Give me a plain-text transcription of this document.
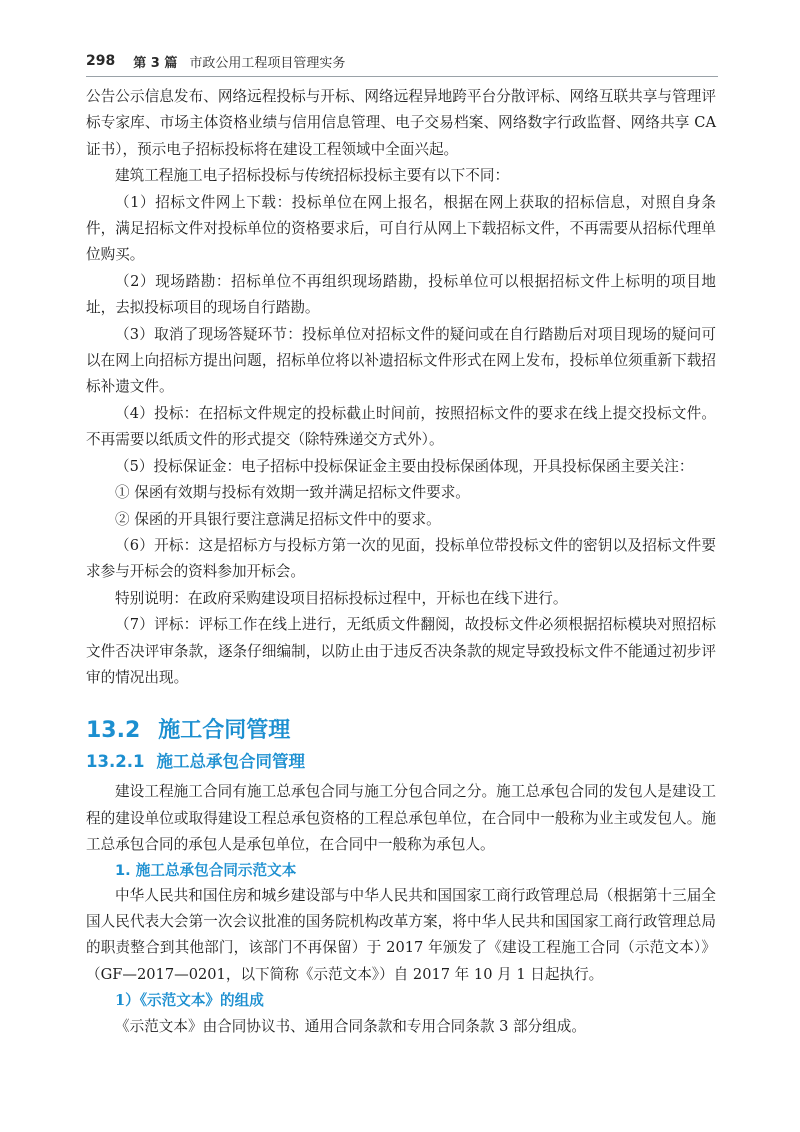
298 第 3 篇 市政公用工程项目管理实务

公告公示信息发布、网络远程投标与开标、网络远程异地跨平台分散评标、网络互联共享与管理评标专家库、市场主体资格业绩与信用信息管理、电子交易档案、网络数字行政监督、网络共享 CA 证书），预示电子招标投标将在建设工程领域中全面兴起。

建筑工程施工电子招标投标与传统招标投标主要有以下不同：

（1）招标文件网上下载：投标单位在网上报名，根据在网上获取的招标信息，对照自身条件，满足招标文件对投标单位的资格要求后，可自行从网上下载招标文件，不再需要从招标代理单位购买。

（2）现场踏勘：招标单位不再组织现场踏勘，投标单位可以根据招标文件上标明的项目地址，去拟投标项目的现场自行踏勘。

（3）取消了现场答疑环节：投标单位对招标文件的疑问或在自行踏勘后对项目现场的疑问可以在网上向招标方提出问题，招标单位将以补遗招标文件形式在网上发布，投标单位须重新下载招标补遗文件。

（4）投标：在招标文件规定的投标截止时间前，按照招标文件的要求在线上提交投标文件。不再需要以纸质文件的形式提交（除特殊递交方式外）。

（5）投标保证金：电子招标中投标保证金主要由投标保函体现，开具投标保函主要关注：

① 保函有效期与投标有效期一致并满足招标文件要求。

② 保函的开具银行要注意满足招标文件中的要求。

（6）开标：这是招标方与投标方第一次的见面，投标单位带投标文件的密钥以及招标文件要求参与开标会的资料参加开标会。

特别说明：在政府采购建设项目招标投标过程中，开标也在线下进行。

（7）评标：评标工作在线上进行，无纸质文件翻阅，故投标文件必须根据招标模块对照招标文件否决评审条款，逐条仔细编制，以防止由于违反否决条款的规定导致投标文件不能通过初步评审的情况出现。

13.2 施工合同管理
13.2.1 施工总承包合同管理

建设工程施工合同有施工总承包合同与施工分包合同之分。施工总承包合同的发包人是建设工程的建设单位或取得建设工程总承包资格的工程总承包单位，在合同中一般称为业主或发包人。施工总承包合同的承包人是承包单位，在合同中一般称为承包人。

1. 施工总承包合同示范文本

中华人民共和国住房和城乡建设部与中华人民共和国国家工商行政管理总局（根据第十三届全国人民代表大会第一次会议批准的国务院机构改革方案，将中华人民共和国国家工商行政管理总局的职责整合到其他部门，该部门不再保留）于 2017 年颁发了《建设工程施工合同（示范文本）》（GF—2017—0201，以下简称《示范文本》）自 2017 年 10 月 1 日起执行。

1）《示范文本》的组成

《示范文本》由合同协议书、通用合同条款和专用合同条款 3 部分组成。
